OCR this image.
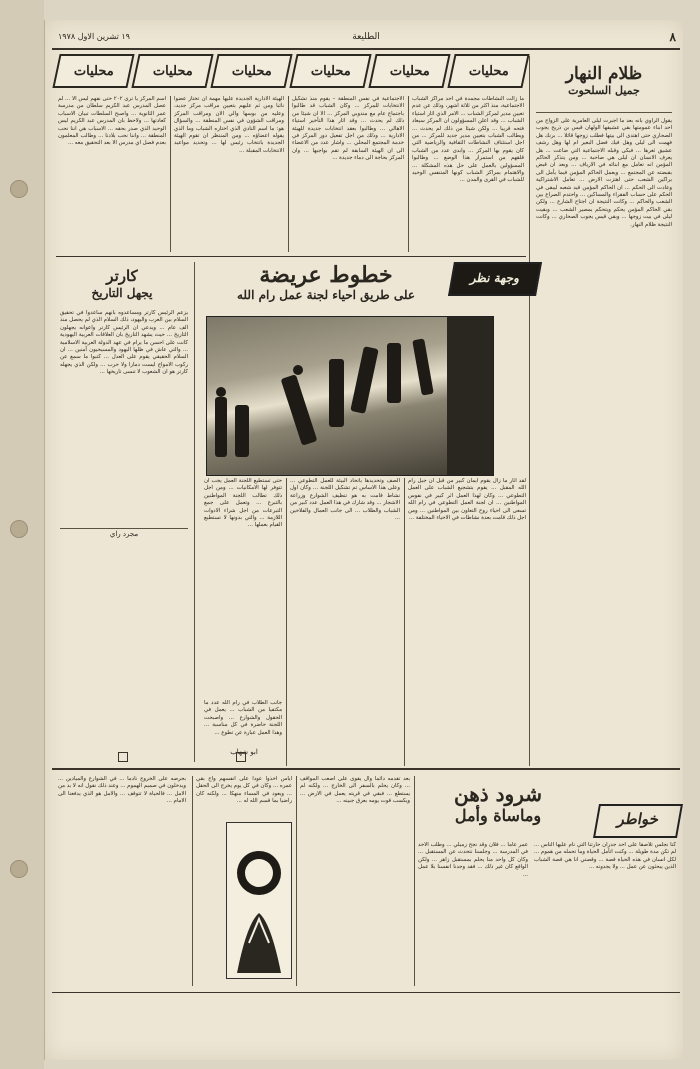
٨
الطليعة
١٩ تشرين الاول ١٩٧٨
محليات
محليات
محليات
محليات
محليات
محليات	ظلام النهار
جميل السلحوت

يقول الراوي بانه بعد ما اجبرت ليلى العامرية على الزواج من احد ابناء عمومتها بقي عشيقها الولهان قيس بن ذريح يجوب الصحاري حتى اهتدى الى بيتها فطلب زوجها قائلا ... برنك هل فهمت الى ليلى وهل فيك فضل البعير ام لها وهل رشف عشيق ثغرها ... فبكى وقبله الاجتماعية التي ضاعت ... هل يعرف الانسان ان ليلى هي صاحبة ... ومن يتذكر الحاكم المؤمن انه تعامل مع ابنائه في الارياف ... وبعد ان قبض بقبضته عن المجتمع ... ويعمل الحاكم المؤمن فيما يأمل الى براكين الشعب حتى اهتزت الارض ... تعامل الاشتراكية وعادت الى الحكم ... ان الحاكم المؤمن قيد شعبه ليبقى في الحكم على حساب الفقراء والمساكين ... واحتدم الصراع بين الشعب والحاكم ... وكانت النتيجة ان اجتاح الشارع ... ولكن بقي الحاكم المؤمن يحكم ويتحكم بمصير الشعب ... وبقيت ليلى في بيت زوجها ... وبقي قيس يجوب الصحاري ... وكانت النتيجة ظلام النهار.

ما زالت النشاطات مجمدة في احد مراكز الشباب الاجتماعية، منذ اكثر من ثلاثة اشهر، وذلك عن عدم تعيين مدير لمركز الشباب ... الامر الذي اثار استياء الشباب ... وقد اعلن المسؤولون ان المركز سيعاد فتحه قريبا ... ولكن شيئا من ذلك لم يحدث ... ويطالب الشباب بتعيين مدير جديد للمركز ... من اجل استئناف النشاطات الثقافية والرياضية التي كان يقوم بها المركز ... وابدى عدد من الشباب قلقهم من استمرار هذا الوضع ... وطالبوا المسؤولين بالعمل على حل هذه المشكلة ... والاهتمام بمراكز الشباب كونها المتنفس الوحيد للشباب في القرى والمدن ...

الاجتماعية في نفس المنطقة – يقوم منذ تشكيل الانتخابات للمركز ... وكان الشباب قد طالبوا باجتماع عام مع مندوبي المركز ... الا ان شيئا من ذلك لم يحدث ... وقد اثار هذا التأخير استياء الاهالي ... وطالبوا بعقد انتخابات جديدة للهيئة الادارية ... وذلك من اجل تفعيل دور المركز في خدمة المجتمع المحلي ... واشار عدد من الاعضاء الى ان الهيئة السابقة لم تقم بواجبها ... وان المركز بحاجة الى دماء جديدة ...

الهيئة الادارية الجديدة عليها مهمة ان تختار عضوا نائبا ومن ثم عليهم بتعيين مراقب مركز جديد، وعليه من بوسها والي الان ومراقب المركز ومراقب الشؤون في نفس المنطقة ... والسؤال هو: ما اسم النادي الذي اختاره الشباب وما الذي يقوله اعضاؤه ... ومن المنتظر ان تقوم الهيئة الجديدة بانتخاب رئيس لها ... وتحديد مواعيد الانتخابات المقبلة ...

اسم المركز يا ترى ٢٠٢ حتى نفهم ليس الا ... لم عصل المدرس عبد الكريم سلطان من مدرسة عمر الثانوية ... واصبح السلطات تبيان الاسباب كعادتها ... ولاحظ بان المدرس عبد الكريم ليس الوحيد الذي صدر بحقه ... الاسباب هي اننا نحب المنطقة ... واننا نحب بلادنا ... وطالب المعلمون بعدم فصل اي مدرس الا بعد التحقيق معه ...

كارتر
يجهل التاريخ

يزعم الرئيس كارتر ومساعدوه بانهم ساعدوا في تحقيق السلام بين العرب واليهود، ذلك السلام الذي لم يحصل منذ الف عام ... ويدعي ان الرئيس كارتر واعوانه يجهلون التاريخ ... حيث يشهد التاريخ بان العلاقات العربية اليهودية كانت على احسن ما يرام في عهد الدولة العربية الاسلامية ... والتي عاش في ظلها اليهود والمسيحيون آمنين ... ان السلام الحقيقي يقوم على العدل ... كتبوا ما سمع عن ركوب الامواج ليست دمارا ولا حرب ... ولكن الذي يجهله كارتر هو ان الشعوب لا تنسى تاريخها ...

مجرد راي
وجهة نظر
خطوط عريضة
على طريق احياء لجنة عمل رام الله

لقد اثار ما زال يقوم ايمان كبير من قبل ان جيل رام الله المقبل ... يقوم بتشجيع الشباب على العمل التطوعي ... وكان لهذا العمل اثر كبير في نفوس المواطنين ... ان لجنة العمل التطوعي في رام الله تسعى الى احياء روح التعاون بين المواطنين ... ومن اجل ذلك قامت بعدة نشاطات في الاحياء المختلفة ...

الصف وتحديدها باتحاد البيئة للعمل التطوعي ... وعلى هذا الاساس تم تشكيل اللجنة ... وكان اول نشاط قامت به هو تنظيف الشوارع وزراعة الاشجار ... وقد شارك في هذا العمل عدد كبير من الشباب والطلاب ... الى جانب العمال والفلاحين ...

حتى تستطيع اللجنة العمل يجب ان تتوفر لها الامكانيات ... ومن اجل ذلك تطالب اللجنة المواطنين بالتبرع ... وتعمل على جمع التبرعات من اجل شراء الادوات اللازمة ... والتي بدونها لا تستطيع القيام بعملها ...

جانب الطلاب في رام الله عدد ما مكتفيا من الشباب ... يعمل في الحقول والشوارع ... واصبحت اللجنة حاضرة في كل مناسبة ... وهذا العمل عبارة عن تطوع ...

ابو شهاب
خواطر
شرود ذهن
وماساة وأمل

كنا نجلس تلاصقا على احد جدران حارتنا التي نام عليها الناس ... لم تكن مدة طويلة ... وكنت اتأمل الحياة وما تحمله من هموم ... لكل انسان في هذه الحياة قصة ... وقصتي انا هي قصة الشباب الذين يبحثون عن عمل ... ولا يجدونه ...

عمر عاما ... فلان وقد نجح زميلي ... وطلب الاحد في المدرسة ... وجلسنا نتحدث عن المستقبل ... وكان كل واحد منا يحلم بمستقبل زاهر ... ولكن الواقع كان غير ذلك ... فقد وجدنا انفسنا بلا عمل ...

بعد تقدمه دائما وال يقوى على اصعب المواقف ... وكان يحلم بالسفر الى الخارج ... ولكنه لم يستطع ... فبقي في قريته يعمل في الارض ... ويكسب قوت يومه بعرق جبينه ...

اياس اخذوا عودا على انفسهم واح بقي عمره ... وكان في كل يوم يخرج الى الحقل ... ويعود في المساء منهكا ... ولكنه كان راضيا بما قسم الله له ...

بحرصه على الخروج نادما ... في الشوارع والميادين ... ويدخلون في صميم الهموم ... وعند ذلك نقول انه لا بد من الامل ... فالحياة لا تتوقف ... والامل هو الذي يدفعنا الى الامام ...
